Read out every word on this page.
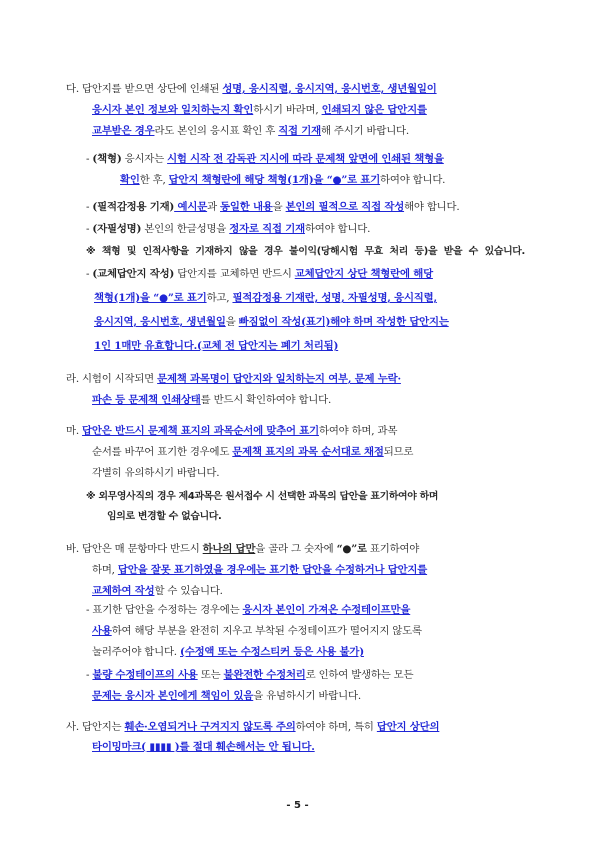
다. 답안지를 받으면 상단에 인쇄된 성명, 응시직렬, 응시지역, 응시번호, 생년월일이
응시자 본인 정보와 일치하는지 확인하시기 바라며, 인쇄되지 않은 답안지를
교부받은 경우라도 본인의 응시표 확인 후 직접 기재해 주시기 바랍니다.
- (책형) 응시자는 시험 시작 전 감독관 지시에 따라 문제책 앞면에 인쇄된 책형을
확인한 후, 답안지 책형란에 해당 책형(1개)을 “●”로 표기하여야 합니다.
- (필적감정용 기재) 예시문과 동일한 내용을 본인의 필적으로 직접 작성해야 합니다.
- (자필성명) 본인의 한글성명을 정자로 직접 기재하여야 합니다.
※ 책형 및 인적사항을 기재하지 않을 경우 불이익(당해시험 무효 처리 등)을 받을 수 있습니다.
- (교체답안지 작성) 답안지를 교체하면 반드시 교체답안지 상단 책형란에 해당
책형(1개)을 “●”로 표기하고, 필적감정용 기재란, 성명, 자필성명, 응시직렬,
응시지역, 응시번호, 생년월일을 빠짐없이 작성(표기)해야 하며 작성한 답안지는
1인 1매만 유효합니다.(교체 전 답안지는 폐기 처리됨)
라. 시험이 시작되면 문제책 과목명이 답안지와 일치하는지 여부, 문제 누락·
파손 등 문제책 인쇄상태를 반드시 확인하여야 합니다.
마. 답안은 반드시 문제책 표지의 과목순서에 맞추어 표기하여야 하며, 과목
순서를 바꾸어 표기한 경우에도 문제책 표지의 과목 순서대로 채점되므로
각별히 유의하시기 바랍니다.
※ 외무영사직의 경우 제4과목은 원서접수 시 선택한 과목의 답안을 표기하여야 하며
임의로 변경할 수 없습니다.
바. 답안은 매 문항마다 반드시 하나의 답만을 골라 그 숫자에 “●”로 표기하여야
하며, 답안을 잘못 표기하였을 경우에는 표기한 답안을 수정하거나 답안지를
교체하여 작성할 수 있습니다.
- 표기한 답안을 수정하는 경우에는 응시자 본인이 가져온 수정테이프만을
사용하여 해당 부분을 완전히 지우고 부착된 수정테이프가 떨어지지 않도록
눌러주어야 합니다. (수정액 또는 수정스티커 등은 사용 불가)
- 불량 수정테이프의 사용 또는 불완전한 수정처리로 인하여 발생하는 모든
문제는 응시자 본인에게 책임이 있음을 유념하시기 바랍니다.
사. 답안지는 훼손·오염되거나 구겨지지 않도록 주의하여야 하며, 특히 답안지 상단의
타이밍마크( ▮▮▮▮ )를 절대 훼손해서는 안 됩니다.
- 5 -
